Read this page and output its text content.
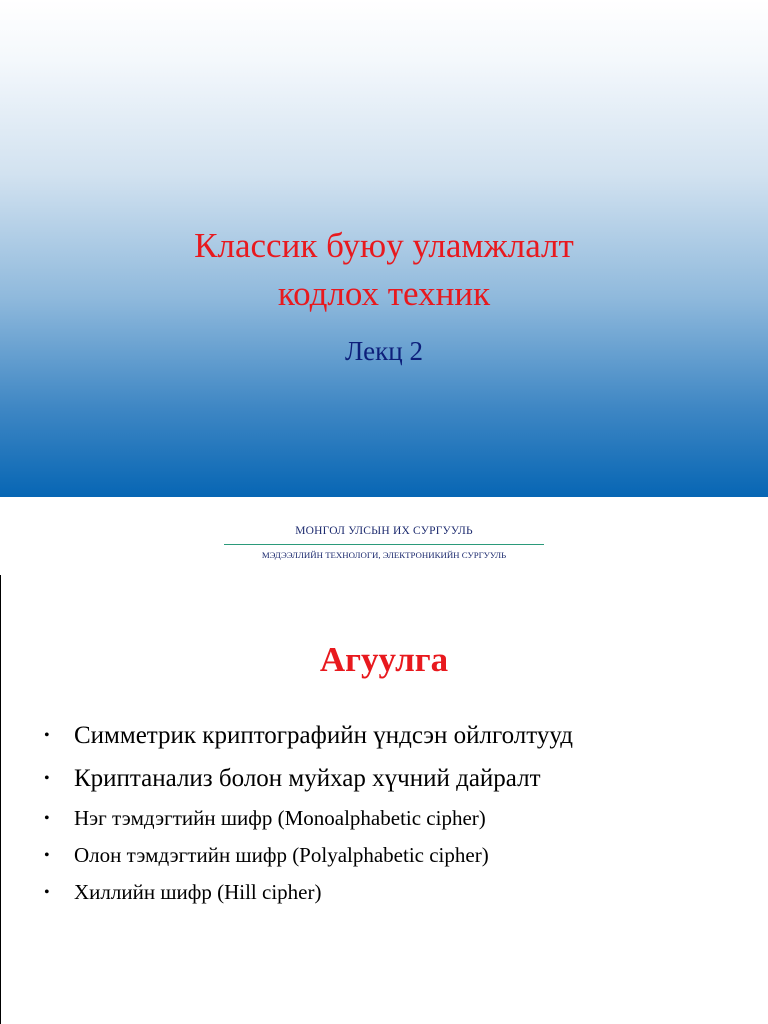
Классик буюу уламжлалт
кодлох техник
Лекц 2
МОНГОЛ УЛСЫН ИХ СУРГУУЛЬ
МЭДЭЭЛЛИЙН ТЕХНОЛОГИ, ЭЛЕКТРОНИКИЙН СУРГУУЛЬ
Агуулга
• Симметрик криптографийн үндсэн ойлголтууд
• Криптанализ болон муйхар хүчний дайралт
• Нэг тэмдэгтийн шифр (Monoalphabetic cipher)
• Олон тэмдэгтийн шифр (Polyalphabetic cipher)
• Хиллийн шифр (Hill cipher)
